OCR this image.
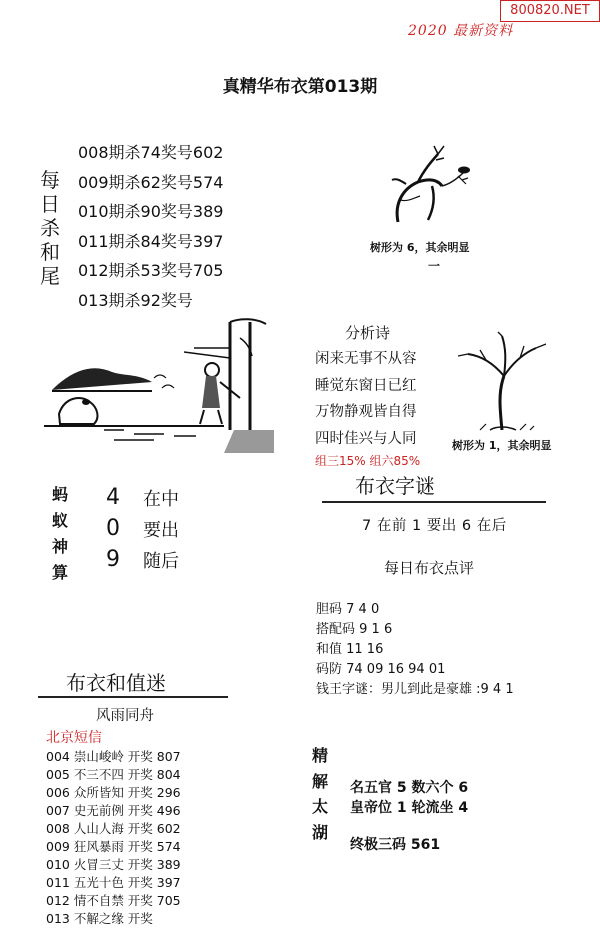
800820.NET
2020 最新资料
真精华布衣第013期
每日杀和尾
008期杀74奖号602
009期杀62奖号574
010期杀90奖号389
011期杀84奖号397
012期杀53奖号705
013期杀92奖号
树形为 6，其余明显
一
分析诗
闲来无事不从容
睡觉东窗日已红
万物静观皆自得
四时佳兴与人同
组三15% 组六85%
树形为 1，其余明显
蚂蚁神算
4
0
9
在中
要出
随后
布衣字谜
7 在前 1 要出 6 在后
每日布衣点评
胆码 7 4 0
搭配码 9 1 6
和值 11 16
码防 74 09 16 94 01
钱王字谜：男儿到此是豪雄 :9 4 1
布衣和值迷
风雨同舟
北京短信
004 崇山峻岭 开奖 807
005 不三不四 开奖 804
006 众所皆知 开奖 296
007 史无前例 开奖 496
008 人山人海 开奖 602
009 狂风暴雨 开奖 574
010 火冒三丈 开奖 389
011 五光十色 开奖 397
012 情不自禁 开奖 705
013 不解之缘 开奖
精解太湖
名五官 5 数六个 6
皇帝位 1 轮流坐 4
终极三码 561
